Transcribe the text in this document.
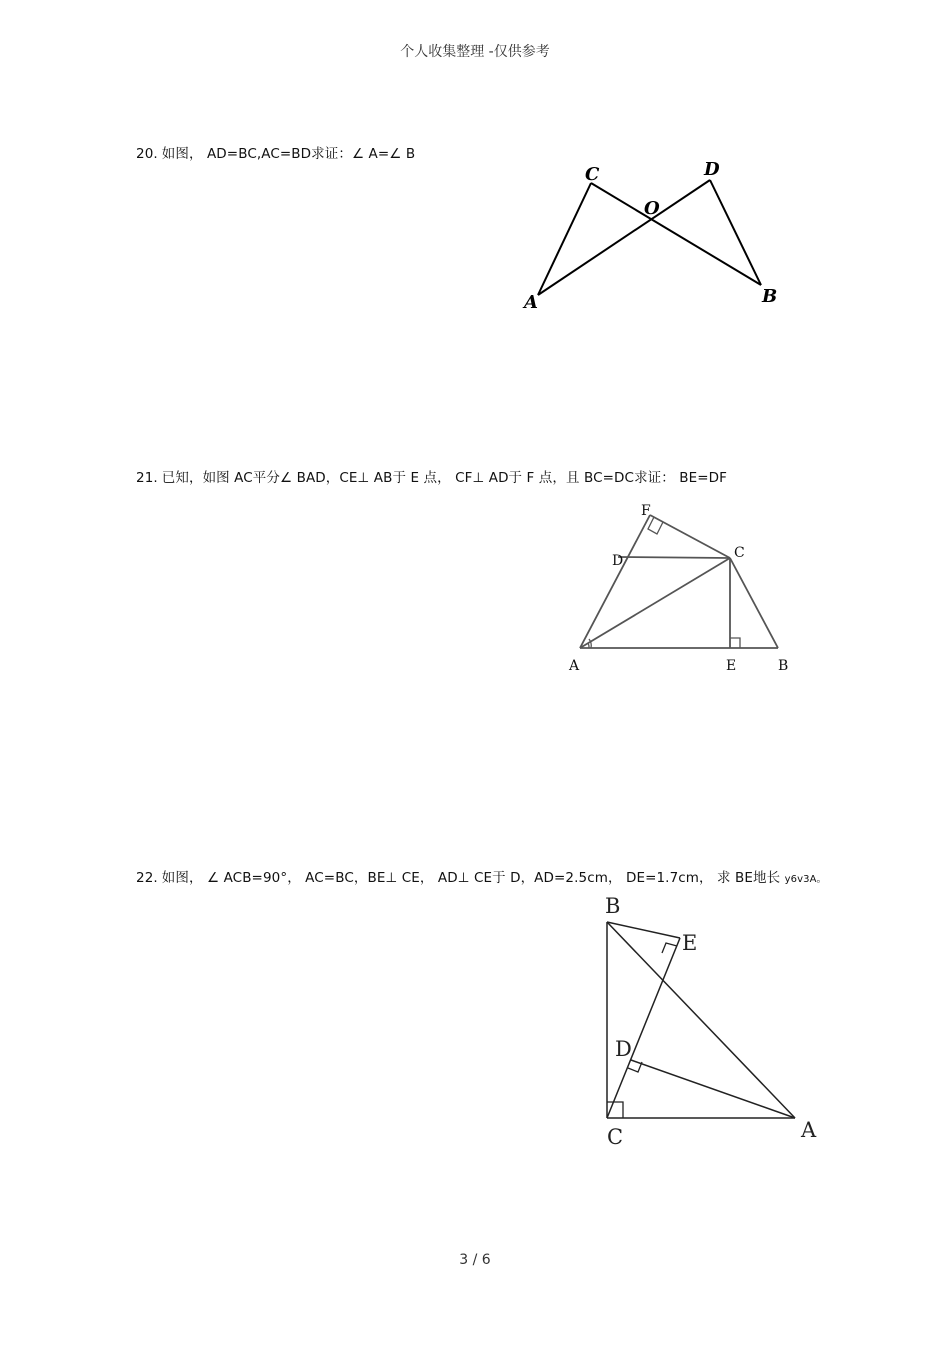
个人收集整理 -仅供参考
20. 如图， AD=BC,AC=BD求证：∠ A=∠ B
C	D
O
A	B
21. 已知，如图 AC平分∠ BAD，CE⊥ AB于 E 点， CF⊥ AD于 F 点，且 BC=DC求证： BE=DF
F
D	C
A	E	B
22. 如图， ∠ ACB=90°， AC=BC，BE⊥ CE， AD⊥ CE于 D，AD=2.5cm， DE=1.7cm， 求 BE地长 y6v3A。
B
E
D
C	A
3 / 6
